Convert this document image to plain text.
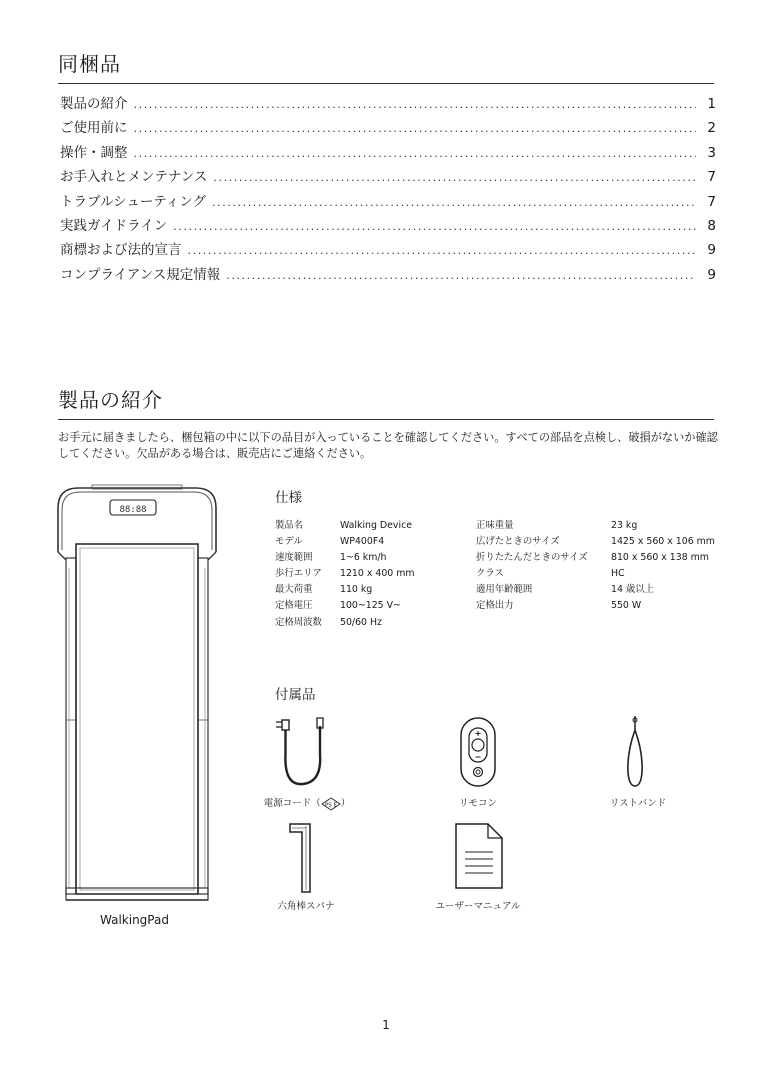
同梱品
製品の紹介 .....	1
ご使用前に .....	2
操作・調整 .....	3
お手入れとメンテナンス .....	7
トラブルシューティング .....	7
実践ガイドライン .....	8
商標および法的宣言 .....	9
コンプライアンス規定情報 .....	9
製品の紹介
お手元に届きましたら、梱包箱の中に以下の品目が入っていることを確認してください。すべての部品を点検し、破損がないか確認してください。欠品がある場合は、販売店にご連絡ください。
88:88
WalkingPad
仕様
製品名	Walking Device
モデル	WP400F4
速度範囲	1~6 km/h
歩行エリア	1210 x 400 mm
最大荷重	110 kg
定格電圧	100~125 V~
定格周波数	50/60 Hz
正味重量	23 kg
広げたときのサイズ	1425 x 560 x 106 mm
折りたたんだときのサイズ	810 x 560 x 138 mm
クラス	HC
適用年齢範囲	14 歳以上
定格出力	550 W
付属品
電源コード（ PS E ）	リモコン	リストバンド
六角棒スパナ	ユーザーマニュアル
1
